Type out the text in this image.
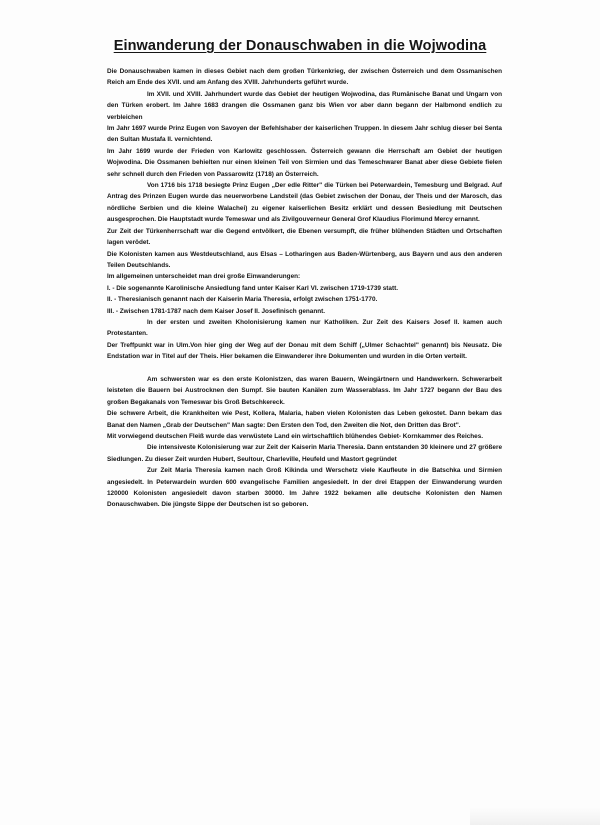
Einwanderung der Donauschwaben in die Wojwodina

Die Donauschwaben kamen in dieses Gebiet nach dem großen Türkenkrieg, der zwischen Österreich und dem Ossmanischen Reich am Ende des XVII. und am Anfang des XVIII. Jahrhunderts geführt wurde.

Im XVII. und XVIII. Jahrhundert wurde das Gebiet der heutigen Wojwodina, das Rumänische Banat und Ungarn von den Türken erobert. Im Jahre 1683 drangen die Ossmanen ganz bis Wien vor aber dann begann der Halbmond endlich zu verbleichen

Im Jahr 1697 wurde Prinz Eugen von Savoyen der Befehlshaber der kaiserlichen Truppen. In diesem Jahr schlug dieser bei Senta den Sultan Mustafa II. vernichtend.

Im Jahr 1699 wurde der Frieden von Karlowitz geschlossen. Österreich gewann die Herrschaft am Gebiet der heutigen Wojwodina. Die Ossmanen behielten nur einen kleinen Teil von Sirmien und das Temeschwarer Banat aber diese Gebiete fielen sehr schnell durch den Frieden von Passarowitz (1718) an Österreich.

Von 1716 bis 1718 besiegte Prinz Eugen „Der edle Ritter" die Türken bei Peterwardein, Temesburg und Belgrad. Auf Antrag des Prinzen Eugen wurde das neuerworbene Landsteil (das Gebiet zwischen der Donau, der Theis und der Marosch, das nördliche Serbien und die kleine Walachei) zu eigener kaiserlichen Besitz erklärt und dessen Besiedlung mit Deutschen ausgesprochen. Die Hauptstadt wurde Temeswar und als Zivilgouverneur General Grof Klaudius Florimund Mercy ernannt.

Zur Zeit der Türkenherrschaft war die Gegend entvölkert, die Ebenen versumpft, die früher blühenden Städten und Ortschaften lagen verödet.

Die Kolonisten kamen aus Westdeutschland, aus Elsas – Lotharingen aus Baden-Würtenberg, aus Bayern und aus den anderen Teilen Deutschlands.

Im allgemeinen unterscheidet man drei große Einwanderungen:

I. - Die sogenannte Karolinische Ansiedlung fand unter Kaiser Karl VI. zwischen 1719-1739 statt.

II. - Theresianisch genannt nach der Kaiserin Maria Theresia, erfolgt zwischen 1751-1770.

III. - Zwischen 1781-1787 nach dem Kaiser Josef II. Josefinisch genannt.

In der ersten und zweiten Kholonisierung kamen nur Katholiken. Zur Zeit des Kaisers Josef II. kamen auch Protestanten.

Der Treffpunkt war in Ulm.Von hier ging der Weg auf der Donau mit dem Schiff („Ulmer Schachtel" genannt) bis Neusatz. Die Endstation war in Titel auf der Theis. Hier bekamen die Einwanderer ihre Dokumenten und wurden in die Orten verteilt.

Am schwersten war es den erste Kolonistzen, das waren Bauern, Weingärtnern und Handwerkern. Schwerarbeit leisteten die Bauern bei Austrocknen den Sumpf. Sie bauten Kanälen zum Wasserablass. Im Jahr 1727 begann der Bau des großen Begakanals von Temeswar bis Groß Betschkereck.

Die schwere Arbeit, die Krankheiten wie Pest, Kollera, Malaria, haben vielen Kolonisten das Leben gekostet. Dann bekam das Banat den Namen „Grab der Deutschen" Man sagte: Den Ersten den Tod, den Zweiten die Not, den Dritten das Brot".

Mit vorwiegend deutschen Fleiß wurde das verwüstete Land ein wirtschaftlich blühendes Gebiet- Kornkammer des Reiches.

Die intensiveste Kolonisierung war zur Zeit der Kaiserin Maria Theresia. Dann entstanden 30 kleinere und 27 größere Siedlungen. Zu dieser Zeit wurden Hubert, Seultour, Charleville, Heufeld und Mastort gegründet

Zur Zeit Maria Theresia kamen nach Groß Kikinda und Werschetz viele Kaufleute in die Batschka und Sirmien angesiedelt. In Peterwardein wurden 600 evangelische Familien angesiedelt. In der drei Etappen der Einwanderung wurden 120000 Kolonisten angesiedelt davon starben 30000. Im Jahre 1922 bekamen alle deutsche Kolonisten den Namen Donauschwaben. Die jüngste Sippe der Deutschen ist so geboren.
